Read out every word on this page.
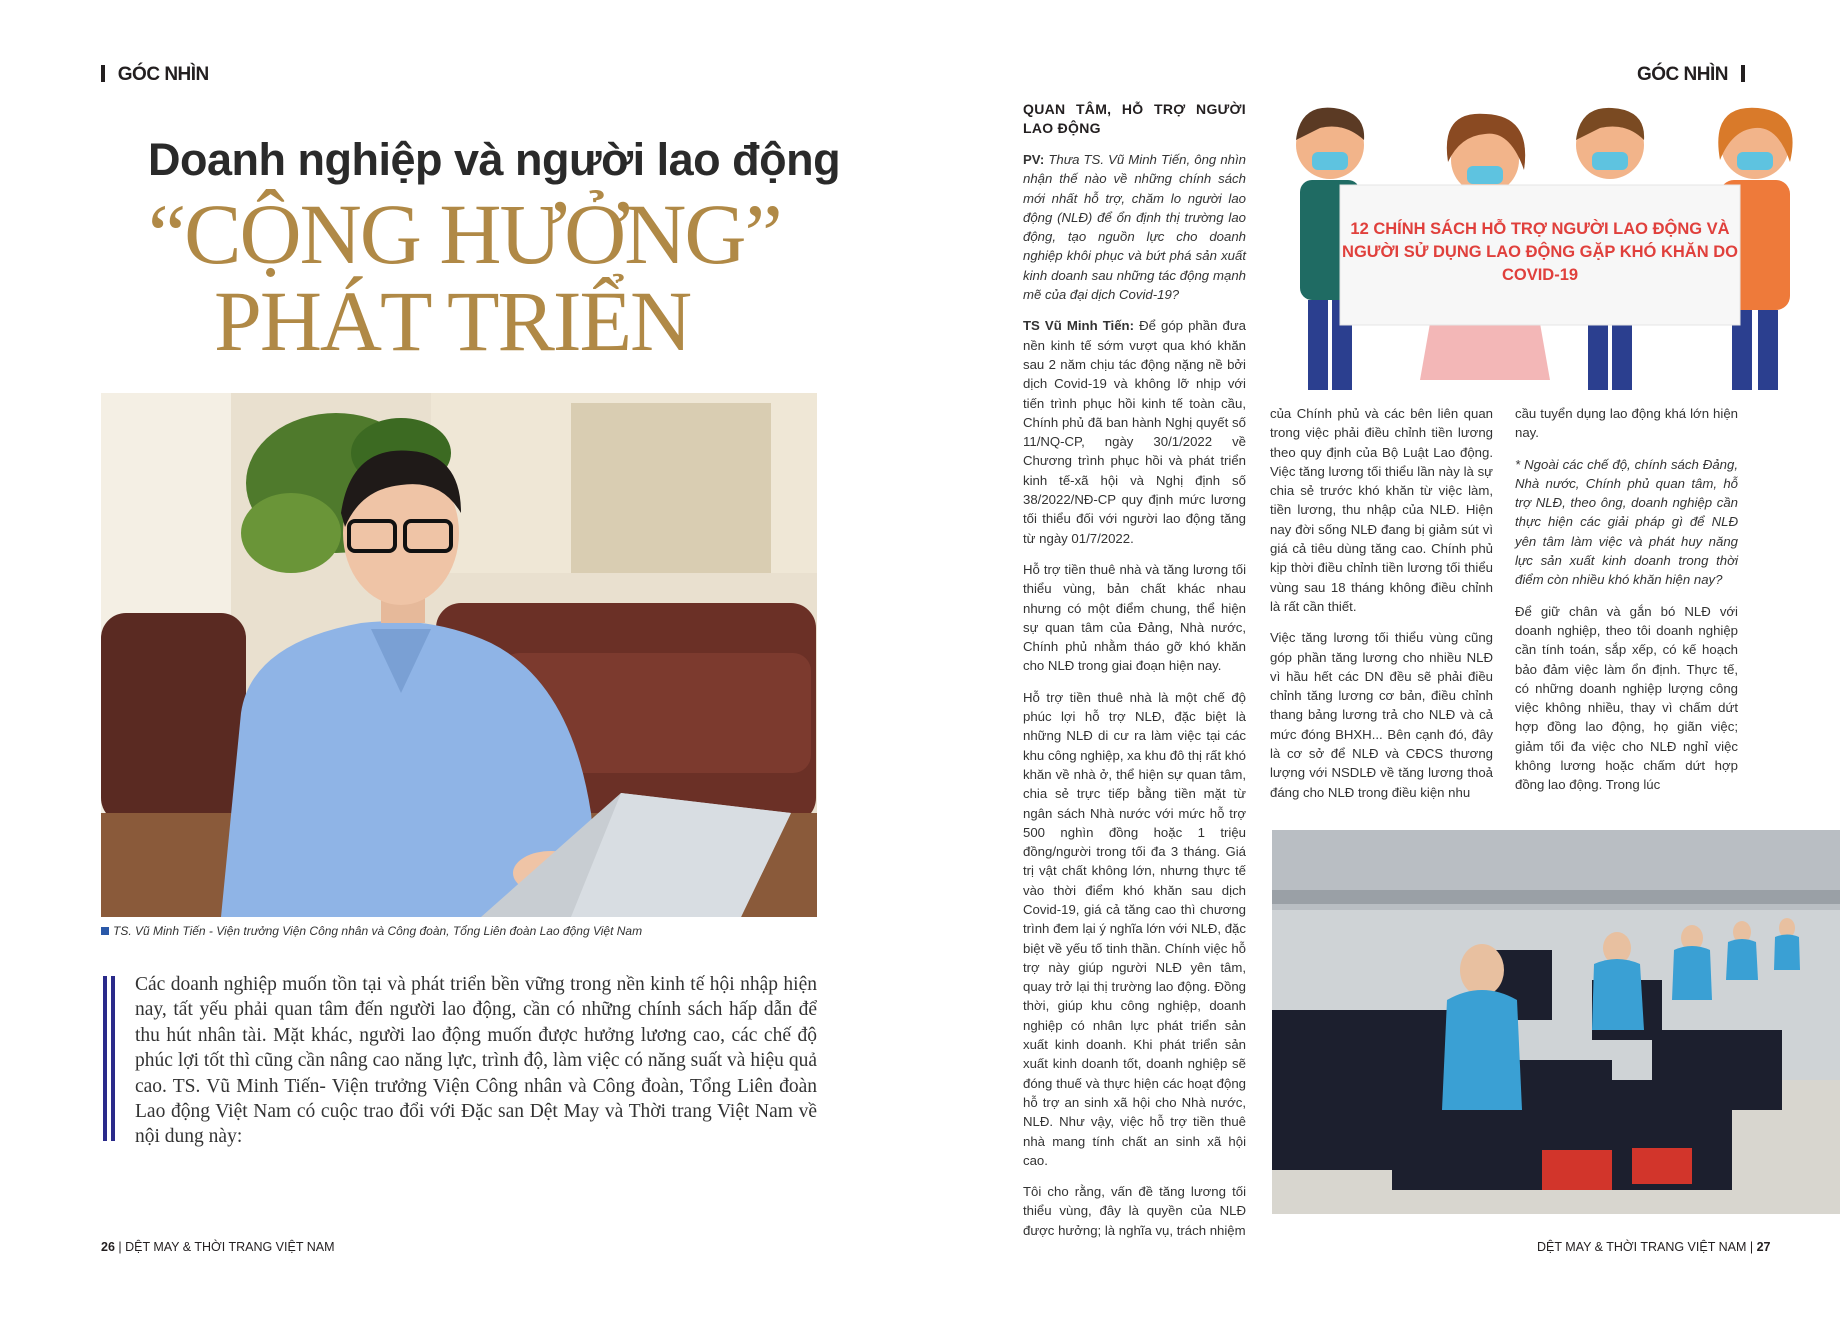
GÓC NHÌN
Doanh nghiệp và người lao động
“CỘNG HƯỞNG”
PHÁT TRIỂN
TS. Vũ Minh Tiến - Viện trưởng Viện Công nhân và Công đoàn, Tổng Liên đoàn Lao động Việt Nam
Các doanh nghiệp muốn tồn tại và phát triển bền vững trong nền kinh tế hội nhập hiện nay, tất yếu phải quan tâm đến người lao động, cần có những chính sách hấp dẫn để thu hút nhân tài. Mặt khác, người lao động muốn được hưởng lương cao, các chế độ phúc lợi tốt thì cũng cần nâng cao năng lực, trình độ, làm việc có năng suất và hiệu quả cao. TS. Vũ Minh Tiến- Viện trưởng Viện Công nhân và Công đoàn, Tổng Liên đoàn Lao động Việt Nam có cuộc trao đổi với Đặc san Dệt May và Thời trang Việt Nam về nội dung này:
26 | DỆT MAY & THỜI TRANG VIỆT NAM
GÓC NHÌN

QUAN TÂM, HỖ TRỢ NGƯỜI LAO ĐỘNG

PV: Thưa TS. Vũ Minh Tiến, ông nhìn nhận thế nào về những chính sách mới nhất hỗ trợ, chăm lo người lao động (NLĐ) để ổn định thị trường lao động, tạo nguồn lực cho doanh nghiệp khôi phục và bứt phá sản xuất kinh doanh sau những tác động mạnh mẽ của đại dịch Covid-19?

TS Vũ Minh Tiến: Để góp phần đưa nền kinh tế sớm vượt qua khó khăn sau 2 năm chịu tác động nặng nề bởi dịch Covid-19 và không lỡ nhịp với tiến trình phục hồi kinh tế toàn cầu, Chính phủ đã ban hành Nghị quyết số 11/NQ-CP, ngày 30/1/2022 về Chương trình phục hồi và phát triển kinh tế-xã hội và Nghị định số 38/2022/NĐ-CP quy định mức lương tối thiểu đối với người lao động tăng từ ngày 01/7/2022.

Hỗ trợ tiền thuê nhà và tăng lương tối thiểu vùng, bản chất khác nhau nhưng có một điểm chung, thể hiện sự quan tâm của Đảng, Nhà nước, Chính phủ nhằm tháo gỡ khó khăn cho NLĐ trong giai đoạn hiện nay.

Hỗ trợ tiền thuê nhà là một chế độ phúc lợi hỗ trợ NLĐ, đặc biệt là những NLĐ di cư ra làm việc tại các khu công nghiệp, xa khu đô thị rất khó khăn về nhà ở, thể hiện sự quan tâm, chia sẻ trực tiếp bằng tiền mặt từ ngân sách Nhà nước với mức hỗ trợ 500 nghìn đồng hoặc 1 triệu đồng/người trong tối đa 3 tháng. Giá trị vật chất không lớn, nhưng thực tế vào thời điểm khó khăn sau dịch Covid-19, giá cả tăng cao thì chương trình đem lại ý nghĩa lớn với NLĐ, đặc biệt về yếu tố tinh thần. Chính việc hỗ trợ này giúp người NLĐ yên tâm, quay trở lại thị trường lao động. Đồng thời, giúp khu công nghiệp, doanh nghiệp có nhân lực phát triển sản xuất kinh doanh. Khi phát triển sản xuất kinh doanh tốt, doanh nghiệp sẽ đóng thuế và thực hiện các hoạt động hỗ trợ an sinh xã hội cho Nhà nước, NLĐ. Như vậy, việc hỗ trợ tiền thuê nhà mang tính chất an sinh xã hội cao.

Tôi cho rằng, vấn đề tăng lương tối thiểu vùng, đây là quyền của NLĐ được hưởng; là nghĩa vụ, trách nhiệm

12 CHÍNH SÁCH HỖ TRỢ NGƯỜI LAO ĐỘNG VÀ NGƯỜI SỬ DỤNG LAO ĐỘNG GẶP KHÓ KHĂN DO COVID-19

của Chính phủ và các bên liên quan trong việc phải điều chỉnh tiền lương theo quy định của Bộ Luật Lao động. Việc tăng lương tối thiểu lần này là sự chia sẻ trước khó khăn từ việc làm, tiền lương, thu nhập của NLĐ. Hiện nay đời sống NLĐ đang bị giảm sút vì giá cả tiêu dùng tăng cao. Chính phủ kịp thời điều chỉnh tiền lương tối thiểu vùng sau 18 tháng không điều chỉnh là rất cần thiết.

Việc tăng lương tối thiểu vùng cũng góp phần tăng lương cho nhiều NLĐ vì hầu hết các DN đều sẽ phải điều chỉnh tăng lương cơ bản, điều chỉnh thang bảng lương trả cho NLĐ và cả mức đóng BHXH... Bên cạnh đó, đây là cơ sở để NLĐ và CĐCS thương lượng với NSDLĐ về tăng lương thoả đáng cho NLĐ trong điều kiện nhu

cầu tuyển dụng lao động khá lớn hiện nay.

* Ngoài các chế độ, chính sách Đảng, Nhà nước, Chính phủ quan tâm, hỗ trợ NLĐ, theo ông, doanh nghiệp cần thực hiện các giải pháp gì để NLĐ yên tâm làm việc và phát huy năng lực sản xuất kinh doanh trong thời điểm còn nhiều khó khăn hiện nay?

Để giữ chân và gắn bó NLĐ với doanh nghiệp, theo tôi doanh nghiệp cần tính toán, sắp xếp, có kế hoạch bảo đảm việc làm ổn định. Thực tế, có những doanh nghiệp lượng công việc không nhiều, thay vì chấm dứt hợp đồng lao động, họ giãn việc; giảm tối đa việc cho NLĐ nghỉ việc không lương hoặc chấm dứt hợp đồng lao động. Trong lúc

DỆT MAY & THỜI TRANG VIỆT NAM | 27
